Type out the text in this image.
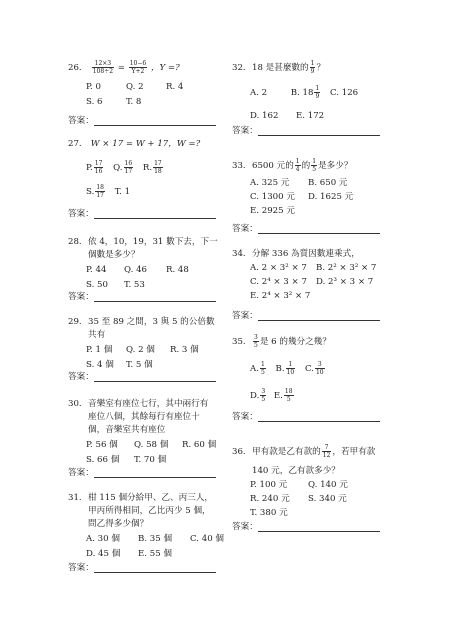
26. $\frac{12\times 3}{108\div 2} = \frac{10-6}{Y+2}$ ，Y =?
P. 0	Q. 2	R. 4
S. 6	T. 8
答案：
27. W × 17 = W + 17，W =?
P. $\frac{17}{16} Q$. $\frac{16}{17} R$. $\frac{17}{18}$
S. $\frac{18}{17} T$. 1
答案：
28. 依 4，10，19，31 數下去，下一
個數是多少？
P. 44 Q. 46 R. 48
S. 50 T. 53
答案：
29. 35 至 89 之間，3 與 5 的公倍數
共有
P. 1 個 Q. 2 個 R. 3 個
S. 4 個 T. 5 個
答案：
30. 音樂室有座位七行，其中兩行有
座位八個，其餘每行有座位十
個，音樂室共有座位
P. 56 個 Q. 58 個 R. 60 個
S. 66 個 T. 70 個
答案：
31. 柑 115 個分給甲、乙、丙三人，
甲丙所得相同，乙比丙少 5 個，
問乙得多少個？
A. 30 個 B. 35 個 C. 40 個
D. 45 個 E. 55 個
答案：
32. 18 是甚麼數的 $\frac{1}{9}$ ？
A. 2	B. $18 \frac{1}{9} C$. 126
D. 162 E. 172
答案：
33. 6500 元的 $\frac{1}{4}$ 的 $\frac{1}{5}$ 是多少？
A. 325 元 B. 650 元
C. 1300 元 D. 1625 元
E. 2925 元
答案：
34. 分解 336 為質因數連乘式，
A. 2 × 3² × 7 B. 2² × 3² × 7
C. 2⁴ × 3 × 7 D. 2³ × 3 × 7
E. 2⁴ × 3² × 7
答案：
35. $\frac{3}{5}$ 是 6 的幾分之幾？
A. $\frac{1}{5} B$. $\frac{1}{10} C$. $\frac{3}{10}$
D. $\frac{3}{5} E$. $\frac{18}{5}$
答案：
36. 甲有款是乙有款的 $\frac{7}{12}$ ，若甲有款
140 元，乙有款多少？
P. 100 元 Q. 140 元
R. 240 元 S. 340 元
T. 380 元
答案：
